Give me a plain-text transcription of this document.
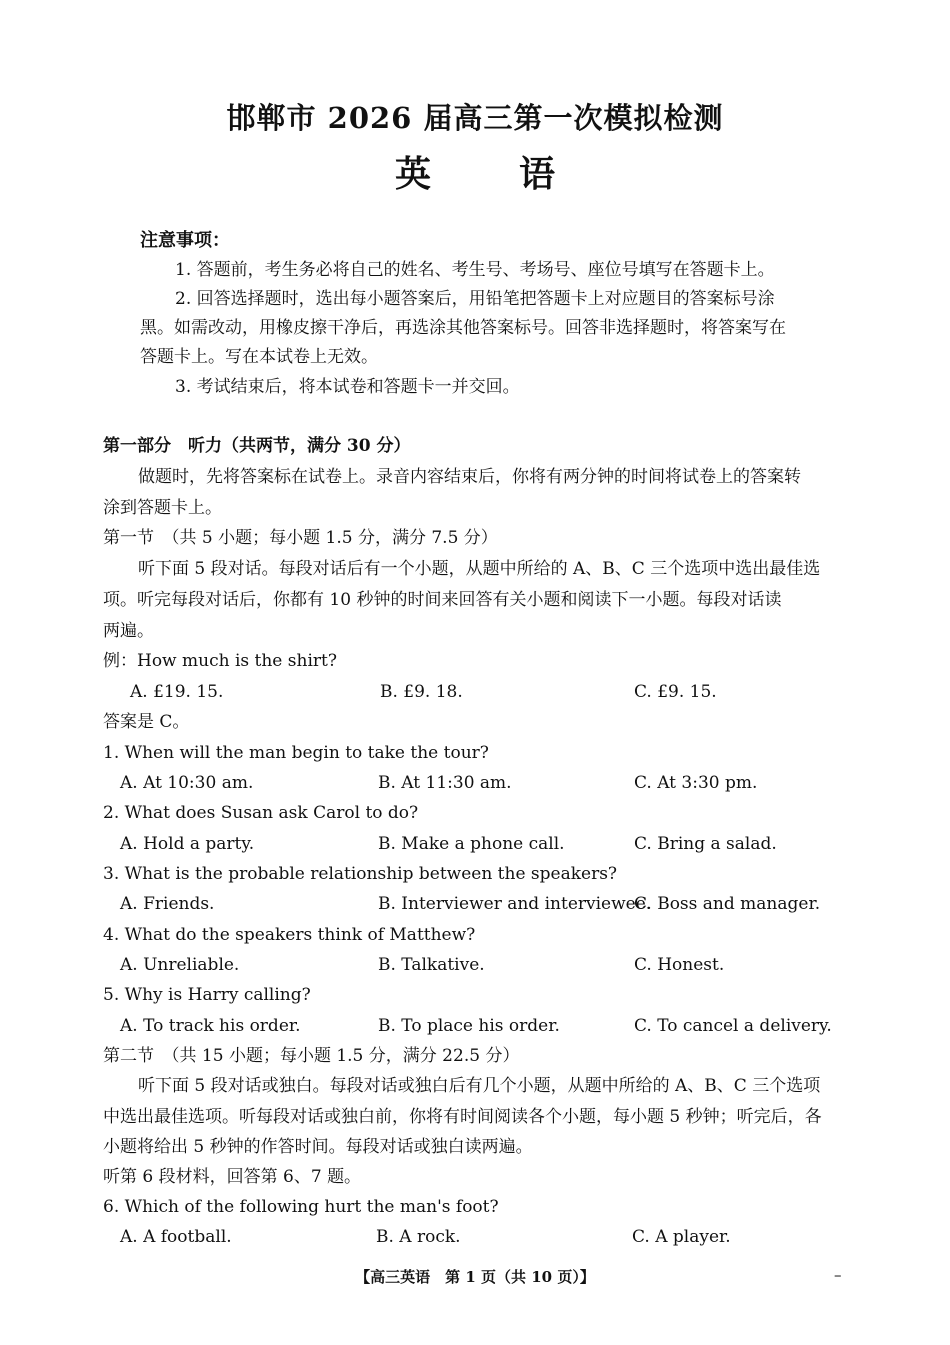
邯郸市 2026 届高三第一次模拟检测
英 语
注意事项：
1. 答题前，考生务必将自己的姓名、考生号、考场号、座位号填写在答题卡上。
2. 回答选择题时，选出每小题答案后，用铅笔把答题卡上对应题目的答案标号涂
黑。如需改动，用橡皮擦干净后，再选涂其他答案标号。回答非选择题时，将答案写在
答题卡上。写在本试卷上无效。
3. 考试结束后，将本试卷和答题卡一并交回。
第一部分　听力（共两节，满分 30 分）
做题时，先将答案标在试卷上。录音内容结束后，你将有两分钟的时间将试卷上的答案转
涂到答题卡上。
第一节　（共 5 小题；每小题 1.5 分，满分 7.5 分）
听下面 5 段对话。每段对话后有一个小题，从题中所给的 A、B、C 三个选项中选出最佳选
项。听完每段对话后，你都有 10 秒钟的时间来回答有关小题和阅读下一小题。每段对话读
两遍。
例：How much is the shirt?
A. £19. 15.	B. £9. 18.	C. £9. 15.
答案是 C。
1. When will the man begin to take the tour?
A. At 10:30 am.	B. At 11:30 am.	C. At 3:30 pm.
2. What does Susan ask Carol to do?
A. Hold a party.	B. Make a phone call.	C. Bring a salad.
3. What is the probable relationship between the speakers?
A. Friends.	B. Interviewer and interviewee.
C. Boss and manager.
4. What do the speakers think of Matthew?
A. Unreliable.	B. Talkative.	C. Honest.
5. Why is Harry calling?
A. To track his order.	B. To place his order.	C. To cancel a delivery.
第二节　（共 15 小题；每小题 1.5 分，满分 22.5 分）
听下面 5 段对话或独白。每段对话或独白后有几个小题，从题中所给的 A、B、C 三个选项
中选出最佳选项。听每段对话或独白前，你将有时间阅读各个小题，每小题 5 秒钟；听完后，各
小题将给出 5 秒钟的作答时间。每段对话或独白读两遍。
听第 6 段材料，回答第 6、7 题。
6. Which of the following hurt the man's foot?
A. A football.	B. A rock.	C. A player.
【高三英语　第 1 页（共 10 页）】	–
